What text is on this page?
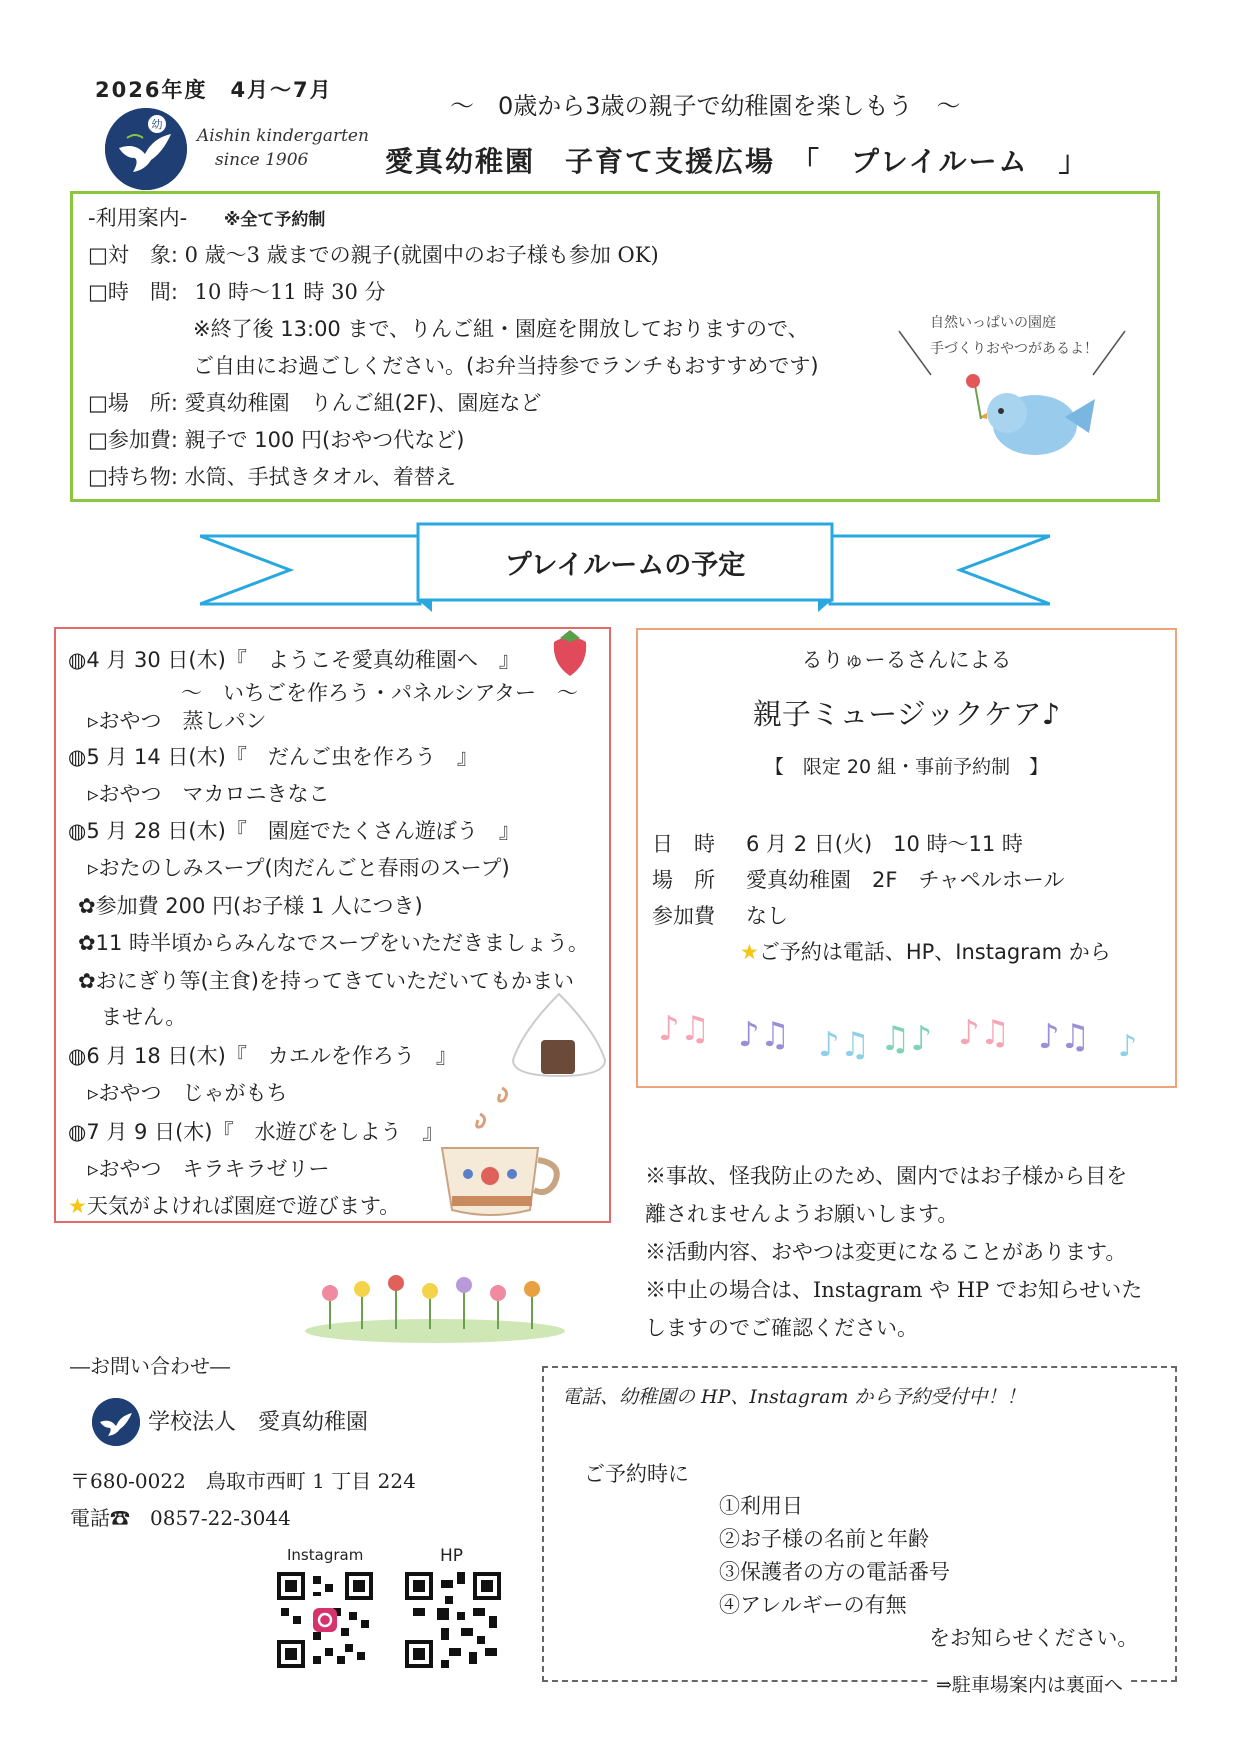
2026年度　4月～7月
幼
Aishin kindergarten
since 1906
～　0歳から3歳の親子で幼稚園を楽しもう　～
愛真幼稚園　子育て支援広場　「　プレイルーム　」
-利用案内- ※全て予約制
□対　象: 0 歳～3 歳までの親子(就園中のお子様も参加 OK)
□時　間: 10 時～11 時 30 分
※終了後 13:00 まで、りんご組・園庭を開放しておりますので、
ご自由にお過ごしください。(お弁当持参でランチもおすすめです)
□場　所: 愛真幼稚園　りんご組(2F)、園庭など
□参加費: 親子で 100 円(おやつ代など)
□持ち物: 水筒、手拭きタオル、着替え
自然いっぱいの園庭
手づくりおやつがあるよ！
プレイルームの予定
◍4 月 30 日(木)『　ようこそ愛真幼稚園へ　』
～　いちごを作ろう・パネルシアター　～
▹おやつ　蒸しパン
◍5 月 14 日(木)『　だんご虫を作ろう　』
▹おやつ　マカロニきなこ
◍5 月 28 日(木)『　園庭でたくさん遊ぼう　』
▹おたのしみスープ(肉だんごと春雨のスープ)
✿参加費 200 円(お子様 1 人につき)
✿11 時半頃からみんなでスープをいただきましょう。
✿おにぎり等(主食)を持ってきていただいてもかまい
ません。
◍6 月 18 日(木)『　カエルを作ろう　』
▹おやつ　じゃがもち
◍7 月 9 日(木)『　水遊びをしよう　』
▹おやつ　キラキラゼリー
★天気がよければ園庭で遊びます。
るりゅーるさんによる
親子ミュージックケア♪
【　限定 20 組・事前予約制　】
日　時 6 月 2 日(火)　10 時～11 時
場　所 愛真幼稚園　2F　チャペルホール
参加費 なし
★ご予約は電話、HP、Instagram から
♪♫ ♪♫ ♪♫ ♫♪ ♪♫ ♪♫ ♪
※事故、怪我防止のため、園内ではお子様から目を
離されませんようお願いします。
※活動内容、おやつは変更になることがあります。
※中止の場合は、Instagram や HP でお知らせいた
しますのでご確認ください。
―お問い合わせ―
学校法人　愛真幼稚園
〒680-0022　鳥取市西町 1 丁目 224
電話☎　0857-22-3044
Instagram	HP
電話、幼稚園の HP、Instagram から予約受付中！！
ご予約時に
①利用日
②お子様の名前と年齢
③保護者の方の電話番号
④アレルギーの有無
をお知らせください。
⇒駐車場案内は裏面へ
